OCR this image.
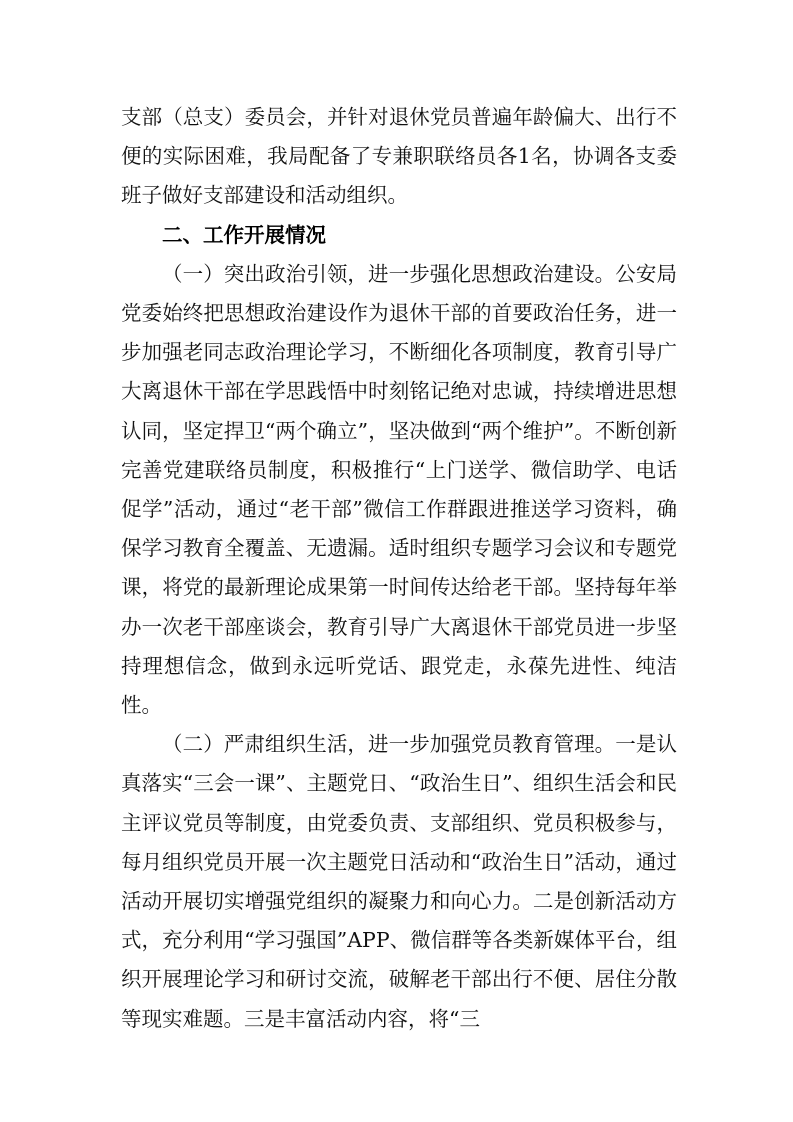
支部（总支）委员会，并针对退休党员普遍年龄偏大、出行不便的实际困难，我局配备了专兼职联络员各1名，协调各支委班子做好支部建设和活动组织。

二、工作开展情况

（一）突出政治引领，进一步强化思想政治建设。公安局党委始终把思想政治建设作为退休干部的首要政治任务，进一步加强老同志政治理论学习，不断细化各项制度，教育引导广大离退休干部在学思践悟中时刻铭记绝对忠诚，持续增进思想认同，坚定捍卫“两个确立”，坚决做到“两个维护”。不断创新完善党建联络员制度，积极推行“上门送学、微信助学、电话促学”活动，通过“老干部”微信工作群跟进推送学习资料，确保学习教育全覆盖、无遗漏。适时组织专题学习会议和专题党课，将党的最新理论成果第一时间传达给老干部。坚持每年举办一次老干部座谈会，教育引导广大离退休干部党员进一步坚持理想信念，做到永远听党话、跟党走，永葆先进性、纯洁性。

（二）严肃组织生活，进一步加强党员教育管理。一是认真落实“三会一课”、主题党日、“政治生日”、组织生活会和民主评议党员等制度，由党委负责、支部组织、党员积极参与，每月组织党员开展一次主题党日活动和“政治生日”活动，通过活动开展切实增强党组织的凝聚力和向心力。二是创新活动方式，充分利用“学习强国”APP、微信群等各类新媒体平台，组织开展理论学习和研讨交流，破解老干部出行不便、居住分散等现实难题。三是丰富活动内容，将“三
